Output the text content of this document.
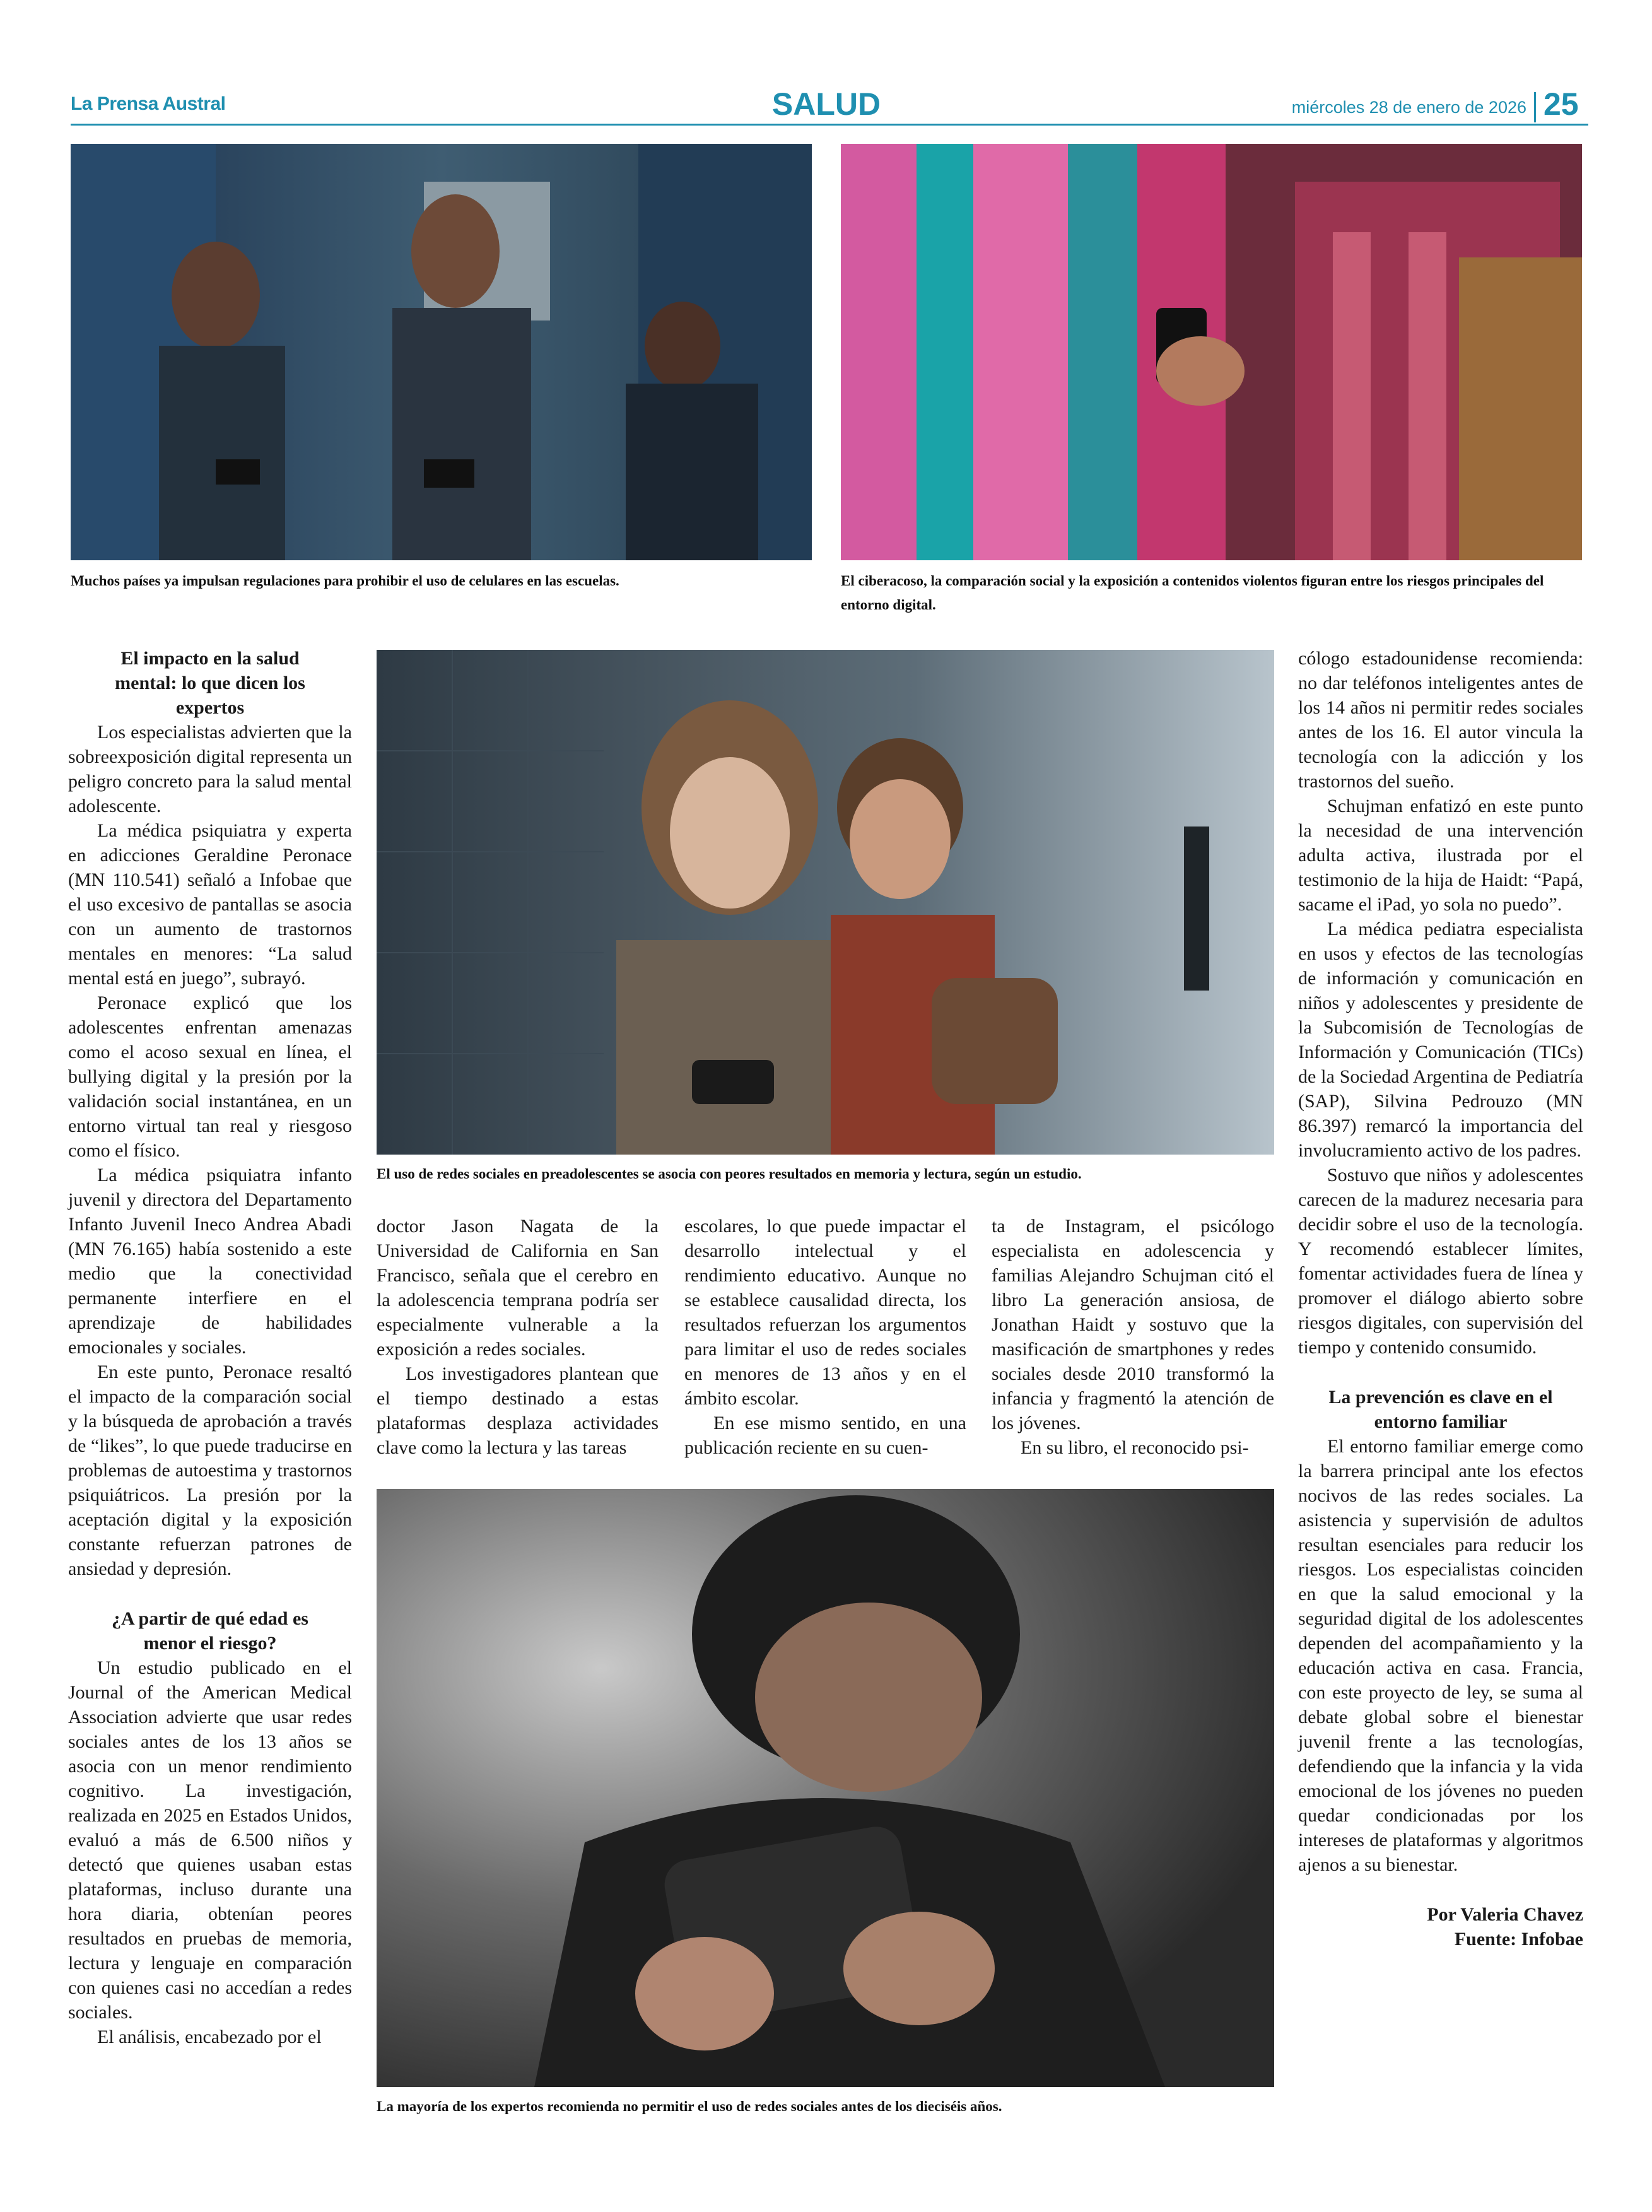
La Prensa Austral	SALUD	miércoles 28 de enero de 2026 25
Muchos países ya impulsan regulaciones para prohibir el uso de celulares en las escuelas.	El ciberacoso, la comparación social y la exposición a contenidos violentos figuran entre los riesgos principales del entorno digital.
El uso de redes sociales en preadolescentes se asocia con peores resultados en memoria y lectura, según un estudio.
La mayoría de los expertos recomienda no permitir el uso de redes sociales antes de los dieciséis años.
El impacto en la salud mental: lo que dicen los expertos

Los especialistas advierten que la sobreexposición digital representa un peligro concreto para la salud mental adolescente.

La médica psiquiatra y experta en adicciones Geraldine Peronace (MN 110.541) señaló a Infobae que el uso excesivo de pantallas se asocia con un aumento de trastornos mentales en menores: “La salud mental está en juego”, subrayó.

Peronace explicó que los adolescentes enfrentan amenazas como el acoso sexual en línea, el bullying digital y la presión por la validación social instantánea, en un entorno virtual tan real y riesgoso como el físico.

La médica psiquiatra infanto juvenil y directora del Departamento Infanto Juvenil Ineco Andrea Abadi (MN 76.165) había sostenido a este medio que la conectividad permanente interfiere en el aprendizaje de habilidades emocionales y sociales.

En este punto, Peronace resaltó el impacto de la comparación social y la búsqueda de aprobación a través de “likes”, lo que puede traducirse en problemas de autoestima y trastornos psiquiátricos. La presión por la aceptación digital y la exposición constante refuerzan patrones de ansiedad y depresión.

¿A partir de qué edad es menor el riesgo?

Un estudio publicado en el Journal of the American Medical Association advierte que usar redes sociales antes de los 13 años se asocia con un menor rendimiento cognitivo. La investigación, realizada en 2025 en Estados Unidos, evaluó a más de 6.500 niños y detectó que quienes usaban estas plataformas, incluso durante una hora diaria, obtenían peores resultados en pruebas de memoria, lectura y lenguaje en comparación con quienes casi no accedían a redes sociales.

El análisis, encabezado por el

doctor Jason Nagata de la Universidad de California en San Francisco, señala que el cerebro en la adolescencia temprana podría ser especialmente vulnerable a la exposición a redes sociales.

Los investigadores plantean que el tiempo destinado a estas plataformas desplaza actividades clave como la lectura y las tareas

escolares, lo que puede impactar el desarrollo intelectual y el rendimiento educativo. Aunque no se establece causalidad directa, los resultados refuerzan los argumentos para limitar el uso de redes sociales en menores de 13 años y en el ámbito escolar.

En ese mismo sentido, en una publicación reciente en su cuen-

ta de Instagram, el psicólogo especialista en adolescencia y familias Alejandro Schujman citó el libro La generación ansiosa, de Jonathan Haidt y sostuvo que la masificación de smartphones y redes sociales desde 2010 transformó la infancia y fragmentó la atención de los jóvenes.

En su libro, el reconocido psi-

cólogo estadounidense recomienda: no dar teléfonos inteligentes antes de los 14 años ni permitir redes sociales antes de los 16. El autor vincula la tecnología con la adicción y los trastornos del sueño.

Schujman enfatizó en este punto la necesidad de una intervención adulta activa, ilustrada por el testimonio de la hija de Haidt: “Papá, sacame el iPad, yo sola no puedo”.

La médica pediatra especialista en usos y efectos de las tecnologías de información y comunicación en niños y adolescentes y presidente de la Subcomisión de Tecnologías de Información y Comunicación (TICs) de la Sociedad Argentina de Pediatría (SAP), Silvina Pedrouzo (MN 86.397) remarcó la importancia del involucramiento activo de los padres.

Sostuvo que niños y adolescentes carecen de la madurez necesaria para decidir sobre el uso de la tecnología. Y recomendó establecer límites, fomentar actividades fuera de línea y promover el diálogo abierto sobre riesgos digitales, con supervisión del tiempo y contenido consumido.

La prevención es clave en el entorno familiar

El entorno familiar emerge como la barrera principal ante los efectos nocivos de las redes sociales. La asistencia y supervisión de adultos resultan esenciales para reducir los riesgos. Los especialistas coinciden en que la salud emocional y la seguridad digital de los adolescentes dependen del acompañamiento y la educación activa en casa. Francia, con este proyecto de ley, se suma al debate global sobre el bienestar juvenil frente a las tecnologías, defendiendo que la infancia y la vida emocional de los jóvenes no pueden quedar condicionadas por los intereses de plataformas y algoritmos ajenos a su bienestar.

Por Valeria Chavez
Fuente: Infobae
